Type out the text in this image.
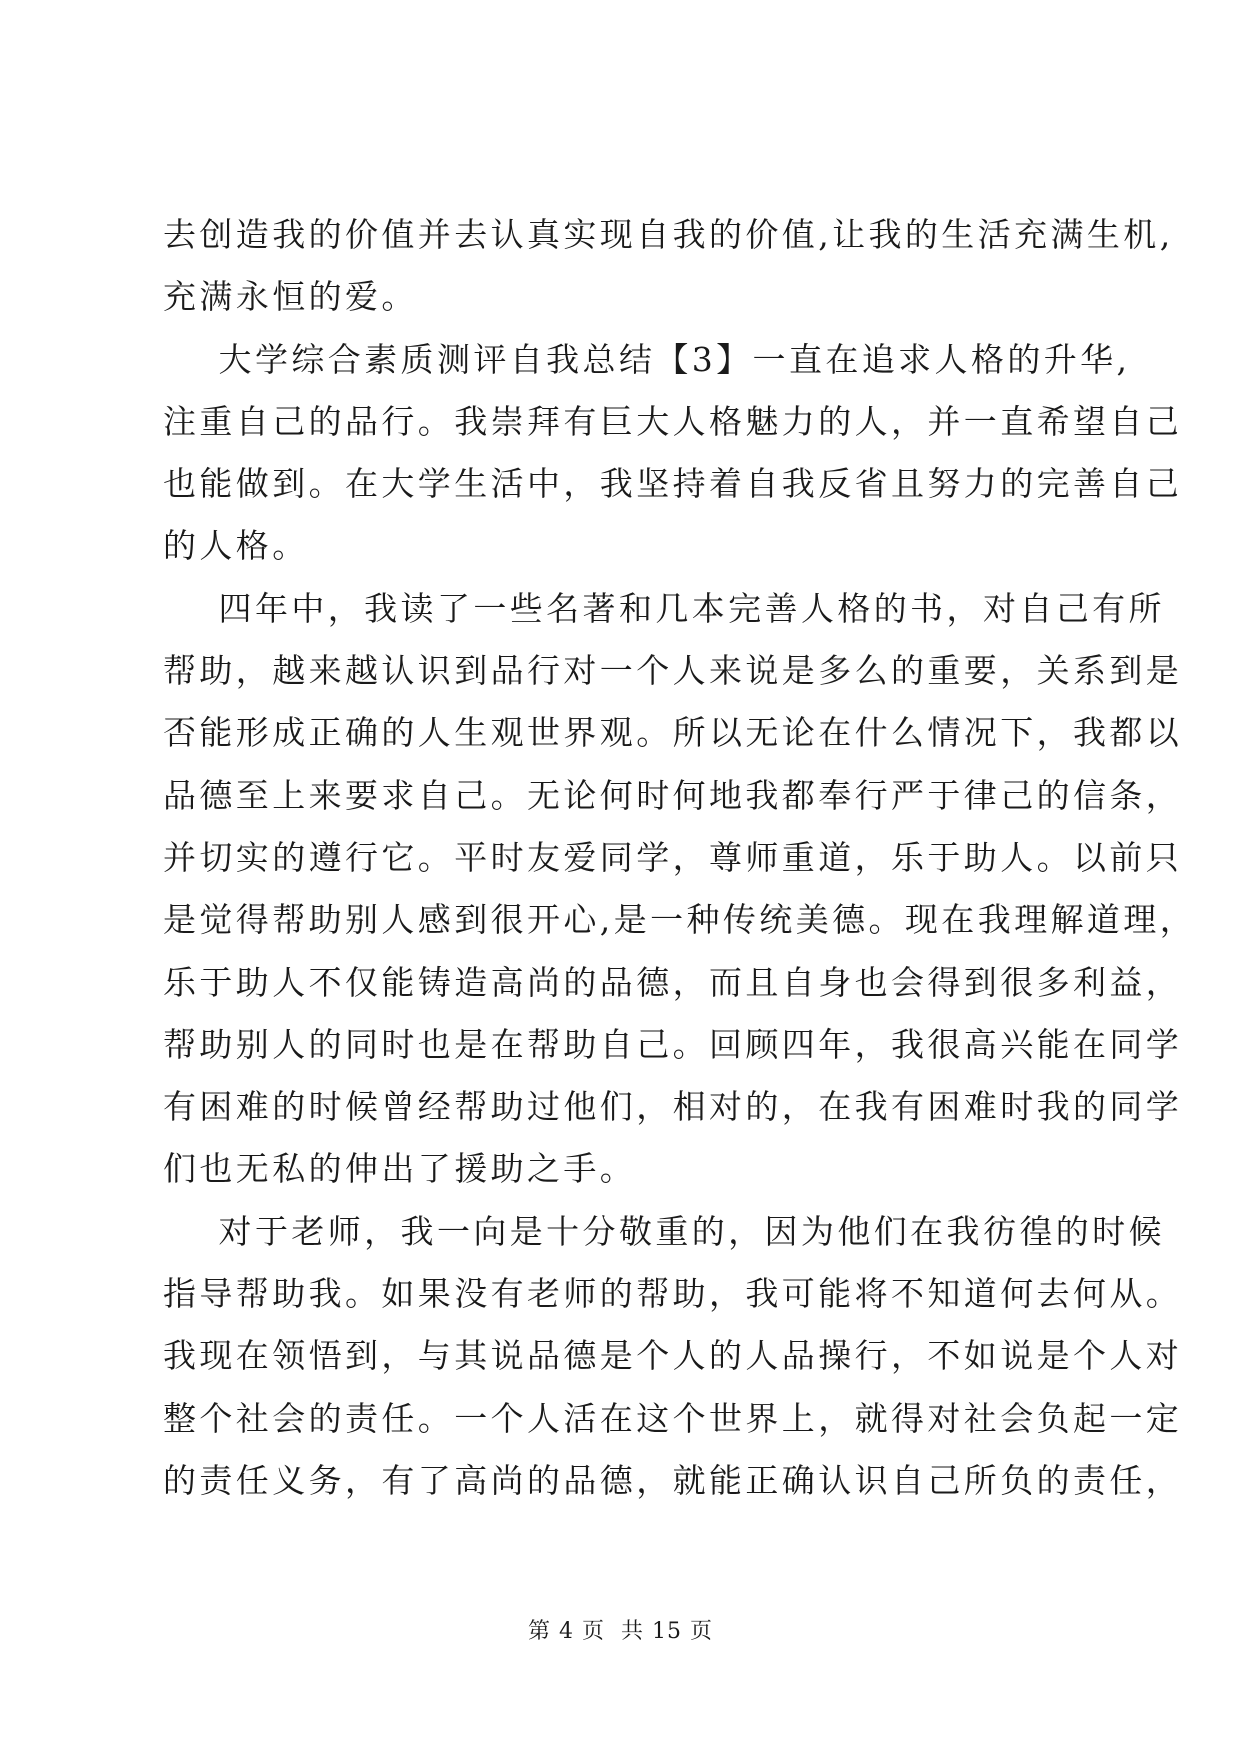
去创造我的价值并去认真实现自我的价值,让我的生活充满生机,
充满永恒的爱。
大学综合素质测评自我总结【3】一直在追求人格的升华,
注重自己的品行。我崇拜有巨大人格魅力的人，并一直希望自己
也能做到。在大学生活中，我坚持着自我反省且努力的完善自己
的人格。
四年中，我读了一些名著和几本完善人格的书，对自己有所
帮助，越来越认识到品行对一个人来说是多么的重要，关系到是
否能形成正确的人生观世界观。所以无论在什么情况下，我都以
品德至上来要求自己。无论何时何地我都奉行严于律己的信条，
并切实的遵行它。平时友爱同学，尊师重道，乐于助人。以前只
是觉得帮助别人感到很开心,是一种传统美德。现在我理解道理，
乐于助人不仅能铸造高尚的品德，而且自身也会得到很多利益，
帮助别人的同时也是在帮助自己。回顾四年，我很高兴能在同学
有困难的时候曾经帮助过他们，相对的，在我有困难时我的同学
们也无私的伸出了援助之手。
对于老师，我一向是十分敬重的，因为他们在我彷徨的时候
指导帮助我。如果没有老师的帮助，我可能将不知道何去何从。
我现在领悟到，与其说品德是个人的人品操行，不如说是个人对
整个社会的责任。一个人活在这个世界上，就得对社会负起一定
的责任义务，有了高尚的品德，就能正确认识自己所负的责任，
第 4 页  共 15 页
